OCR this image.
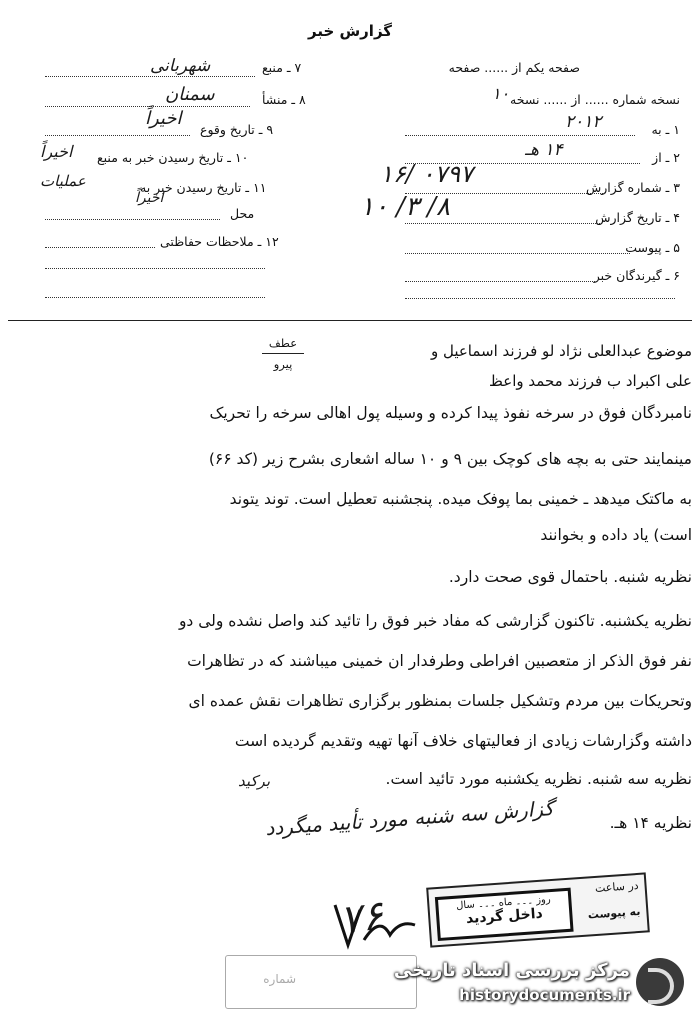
گزارش خبر
صفحه یکم از ...... صفحه
نسخه شماره ...... از ...... نسخه
۱۰
۱ ـ به
۲۰۱۲
۲ ـ از
۱۴ هـ
۳ ـ شماره گزارش
۰۷۹۷ /۱۶
۴ ـ تاریخ گزارش
۸/ ۳/ ۱۰
۵ ـ پیوست
۶ ـ گیرندگان خبر
۷ ـ منبع
شهربانی
۸ ـ منشأ
سمنان
۹ ـ تاریخ وقوع
اخیراً
۱۰ ـ تاریخ رسیدن خبر به منبع
اخیراً
۱۱ ـ تاریخ رسیدن خبر به
عملیات
محل
اخیراً
۱۲ ـ ملاحظات حفاظتی
عطف
پیرو
موضوع عبدالعلی نژاد لو فرزند اسماعیل و
علی اکبراد ب فرزند محمد واعظ
نامبردگان فوق در سرخه نفوذ پیدا کرده و وسیله پول اهالی سرخه را تحریک
مینمایند حتی به بچه های کوچک بین ۹ و ۱۰ ساله اشعاری بشرح زیر (کد ۶۶)
به ماکتک میدهد ـ خمینی بما پوفک میده. پنجشنبه تعطیل است. توند یتوند
است) یاد داده و بخوانند
نظریه شنبه. باحتمال قوی صحت دارد.
نظریه یکشنبه. تاکنون گزارشی که مفاد خبر فوق را تائید کند واصل نشده ولی دو
نفر فوق الذکر از متعصبین افراطی وطرفدار ان خمینی میباشند که در تظاهرات
وتحریکات بین مردم وتشکیل جلسات بمنظور برگزاری تظاهرات نقش عمده ای
داشته وگزارشات زیادی از فعالیتهای خلاف آنها تهیه وتقدیم گردیده است
نظریه سه شنبه. نظریه یکشنبه مورد تائید است.
نظریه ۱۴ هـ.
برکید
گزارش سه شنبه مورد تأیید میگردد
۷۶
در ساعت
به پیوست
روز ۔۔۔ ماه ۔۔۔ سال
داخل گردید
شماره	مرکز بررسی اسناد تاریخی
historydocuments.ir
